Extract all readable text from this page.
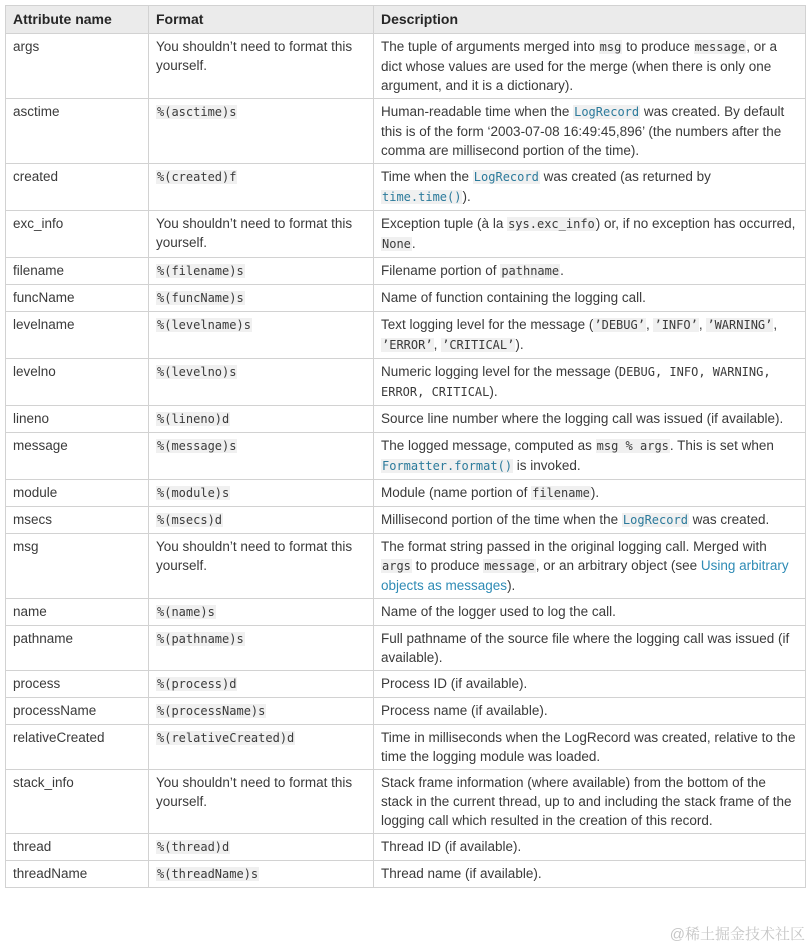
Attribute name	Format	Description
args	You shouldn’t need to format this yourself.	The tuple of arguments merged into msg to produce message, or a dict whose values are used for the merge (when there is only one argument, and it is a dictionary).
asctime	%(asctime)s	Human-readable time when the LogRecord was created. By default this is of the form ‘2003-07-08 16:49:45,896’ (the numbers after the comma are millisecond portion of the time).
created	%(created)f	Time when the LogRecord was created (as returned by time.time()).
exc_info	You shouldn’t need to format this yourself.	Exception tuple (à la sys.exc_info) or, if no exception has occurred, None.
filename	%(filename)s	Filename portion of pathname.
funcName	%(funcName)s	Name of function containing the logging call.
levelname	%(levelname)s	Text logging level for the message (’DEBUG’, ’INFO’, ’WARNING’, ’ERROR’, ’CRITICAL’).
levelno	%(levelno)s	Numeric logging level for the message (DEBUG, INFO, WARNING, ERROR, CRITICAL).
lineno	%(lineno)d	Source line number where the logging call was issued (if available).
message	%(message)s	The logged message, computed as msg % args. This is set when Formatter.format() is invoked.
module	%(module)s	Module (name portion of filename).
msecs	%(msecs)d	Millisecond portion of the time when the LogRecord was created.
msg	You shouldn’t need to format this yourself.	The format string passed in the original logging call. Merged with args to produce message, or an arbitrary object (see Using arbitrary objects as messages).
name	%(name)s	Name of the logger used to log the call.
pathname	%(pathname)s	Full pathname of the source file where the logging call was issued (if available).
process	%(process)d	Process ID (if available).
processName	%(processName)s	Process name (if available).
relativeCreated	%(relativeCreated)d	Time in milliseconds when the LogRecord was created, relative to the time the logging module was loaded.
stack_info	You shouldn’t need to format this yourself.	Stack frame information (where available) from the bottom of the stack in the current thread, up to and including the stack frame of the logging call which resulted in the creation of this record.
thread	%(thread)d	Thread ID (if available).
threadName	%(threadName)s	Thread name (if available).
@稀土掘金技术社区
